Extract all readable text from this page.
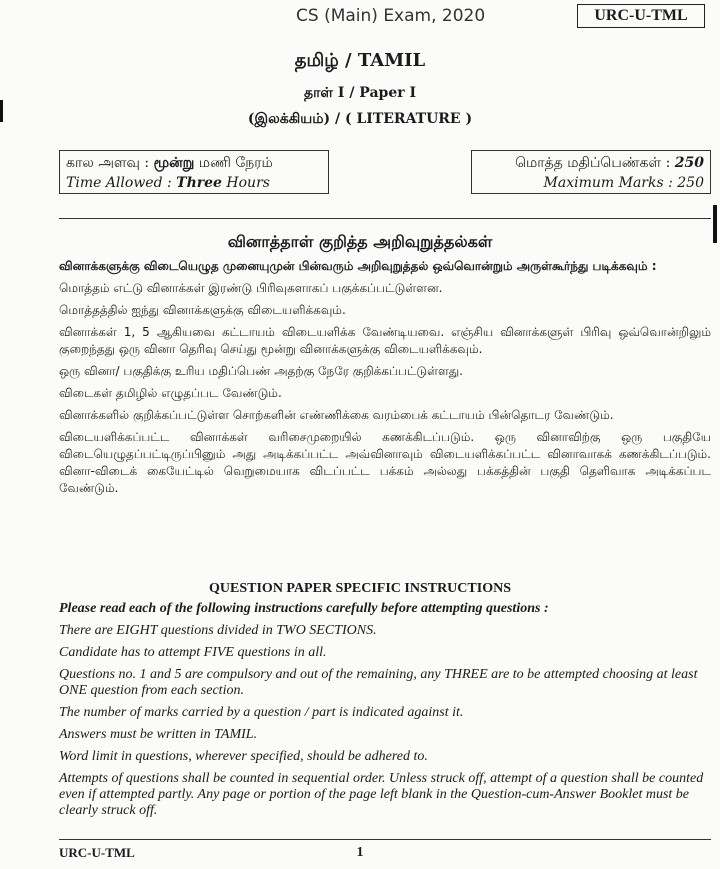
CS (Main) Exam, 2020	URC-U-TML
தமிழ் / TAMIL
தாள் I / Paper I
(இலக்கியம்) / ( LITERATURE )
கால அளவு : மூன்று மணி நேரம்
Time Allowed : Three Hours
மொத்த மதிப்பெண்கள் : 250
Maximum Marks : 250
வினாத்தாள் குறித்த அறிவுறுத்தல்கள்

வினாக்களுக்கு விடையெழுத முனையுமுன் பின்வரும் அறிவுறுத்தல் ஒவ்வொன்றும் அருள்கூர்ந்து படிக்கவும் :

மொத்தம் எட்டு வினாக்கள் இரண்டு பிரிவுகளாகப் பகுக்கப்பட்டுள்ளன.

மொத்தத்தில் ஐந்து வினாக்களுக்கு விடையளிக்கவும்.

வினாக்கள் 1, 5 ஆகியவை கட்டாயம் விடையளிக்க வேண்டியவை. எஞ்சிய வினாக்களுள் பிரிவு ஒவ்வொன்றிலும் குறைந்தது ஒரு வினா தெரிவு செய்து மூன்று வினாக்களுக்கு விடையளிக்கவும்.

ஒரு வினா/ பகுதிக்கு உரிய மதிப்பெண் அதற்கு நேரே குறிக்கப்பட்டுள்ளது.

விடைகள் தமிழில் எழுதப்பட வேண்டும்.

வினாக்களில் குறிக்கப்பட்டுள்ள சொற்களின் எண்ணிக்கை வரம்பைக் கட்டாயம் பின்தொடர வேண்டும்.

விடையளிக்கப்பட்ட வினாக்கள் வரிசைமுறையில் கணக்கிடப்படும். ஒரு வினாவிற்கு ஒரு பகுதியே விடையெழுதப்பட்டிருப்பினும் அது அடிக்கப்பட்ட அவ்வினாவும் விடையளிக்கப்பட்ட வினாவாகக் கணக்கிடப்படும். வினா-விடைக் கையேட்டில் வெறுமையாக விடப்பட்ட பக்கம் அல்லது பக்கத்தின் பகுதி தெளிவாக அடிக்கப்பட வேண்டும்.

QUESTION PAPER SPECIFIC INSTRUCTIONS

Please read each of the following instructions carefully before attempting questions :

There are EIGHT questions divided in TWO SECTIONS.

Candidate has to attempt FIVE questions in all.

Questions no. 1 and 5 are compulsory and out of the remaining, any THREE are to be attempted choosing at least ONE question from each section.

The number of marks carried by a question / part is indicated against it.

Answers must be written in TAMIL.

Word limit in questions, wherever specified, should be adhered to.

Attempts of questions shall be counted in sequential order. Unless struck off, attempt of a question shall be counted even if attempted partly. Any page or portion of the page left blank in the Question-cum-Answer Booklet must be clearly struck off.

URC-U-TML	1
